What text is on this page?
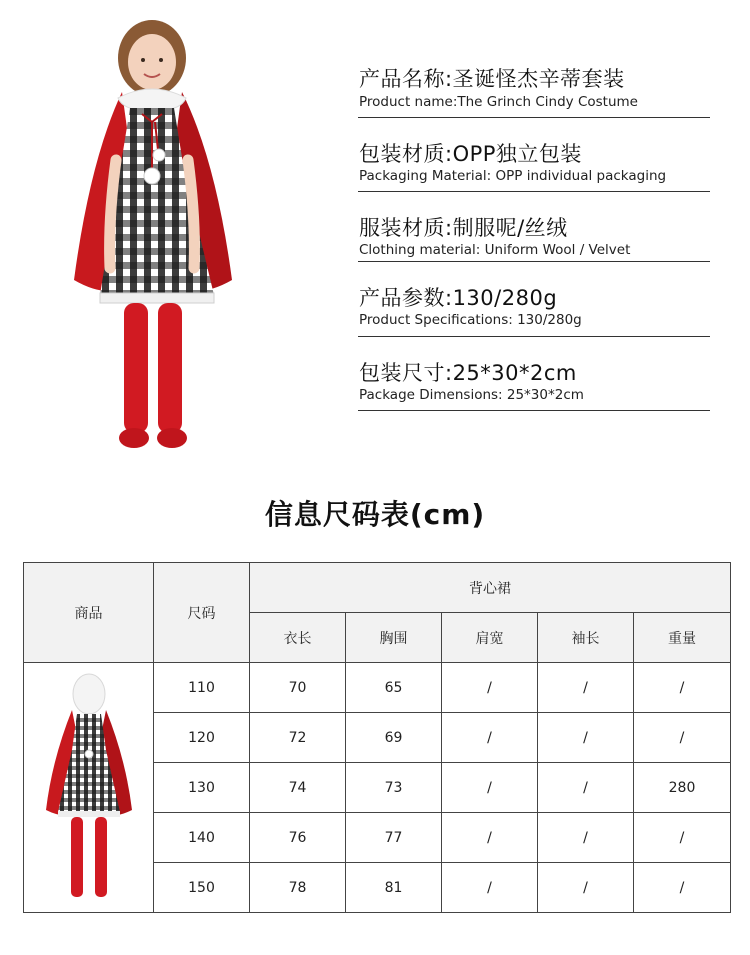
产品名称:圣诞怪杰辛蒂套装
Product name:The Grinch Cindy Costume
包装材质:OPP独立包装
Packaging Material: OPP individual packaging
服装材质:制服呢/丝绒
Clothing material: Uniform Wool / Velvet
产品参数:130/280g
Product Specifications: 130/280g
包装尺寸:25*30*2cm
Package Dimensions: 25*30*2cm
信息尺码表(cm)
商品	尺码	背心裙				
		衣长	胸围	肩宽	袖长	重量

	110	70	65	/	/	/
	120	72	69	/	/	/
	130	74	73	/	/	280
	140	76	77	/	/	/
	150	78	81	/	/	/
